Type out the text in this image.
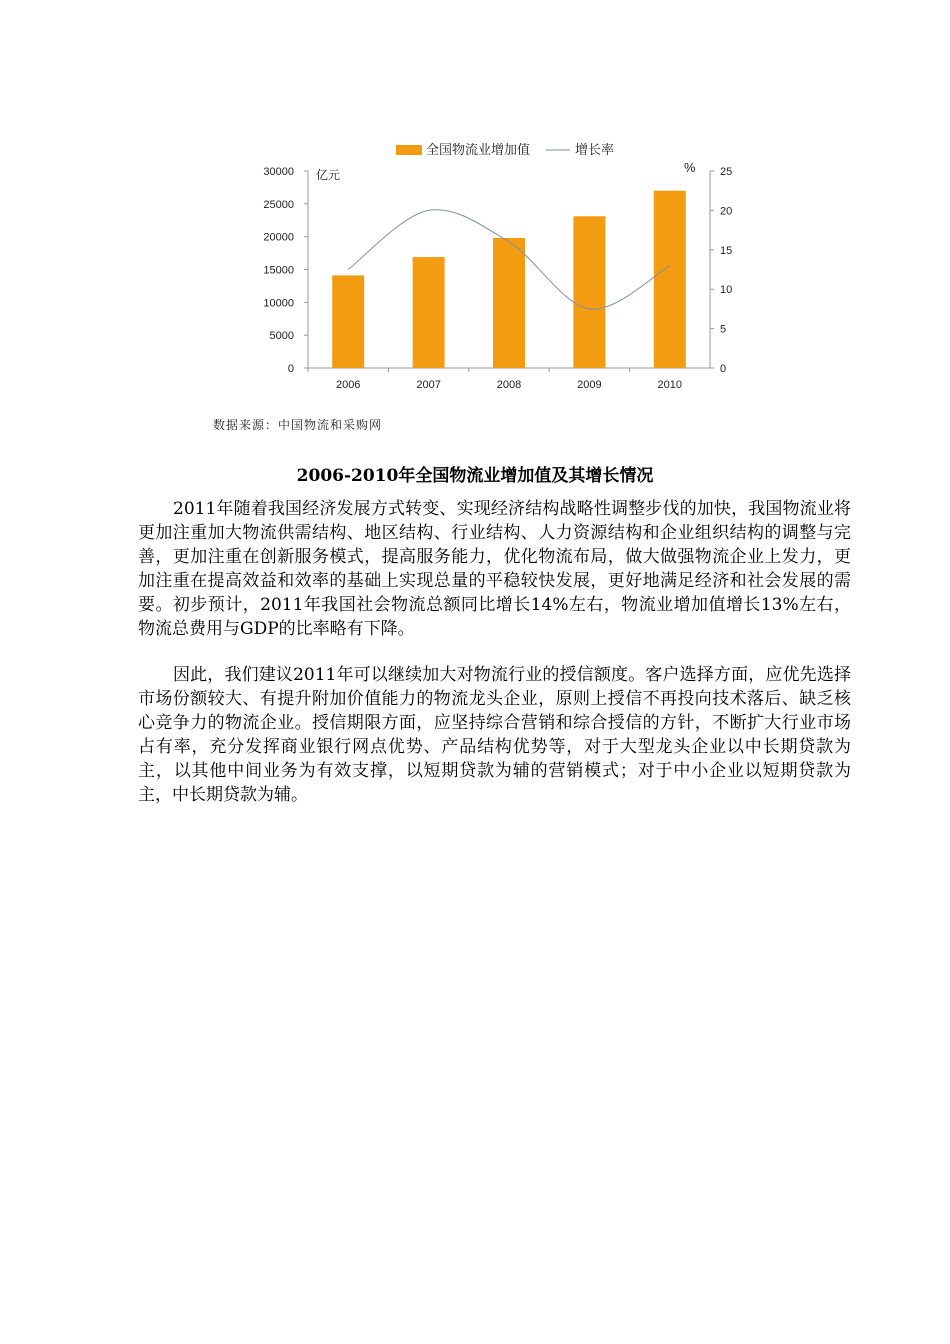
全国物流业增加值	增长率
亿元	%
0
5000
10000
15000
20000
25000
30000
0
5
10
15
20
25
2006	2007	2008	2009	2010
数据来源：中国物流和采购网
2006-2010年全国物流业增加值及其增长情况

2011年随着我国经济发展方式转变、实现经济结构战略性调整步伐的加快，我国物流业将更加注重加大物流供需结构、地区结构、行业结构、人力资源结构和企业组织结构的调整与完善，更加注重在创新服务模式，提高服务能力，优化物流布局，做大做强物流企业上发力，更加注重在提高效益和效率的基础上实现总量的平稳较快发展，更好地满足经济和社会发展的需要。初步预计，2011年我国社会物流总额同比增长14%左右，物流业增加值增长13%左右，物流总费用与GDP的比率略有下降。

因此，我们建议2011年可以继续加大对物流行业的授信额度。客户选择方面，应优先选择市场份额较大、有提升附加价值能力的物流龙头企业，原则上授信不再投向技术落后、缺乏核心竞争力的物流企业。授信期限方面，应坚持综合营销和综合授信的方针，不断扩大行业市场占有率，充分发挥商业银行网点优势、产品结构优势等，对于大型龙头企业以中长期贷款为主，以其他中间业务为有效支撑，以短期贷款为辅的营销模式；对于中小企业以短期贷款为主，中长期贷款为辅。
